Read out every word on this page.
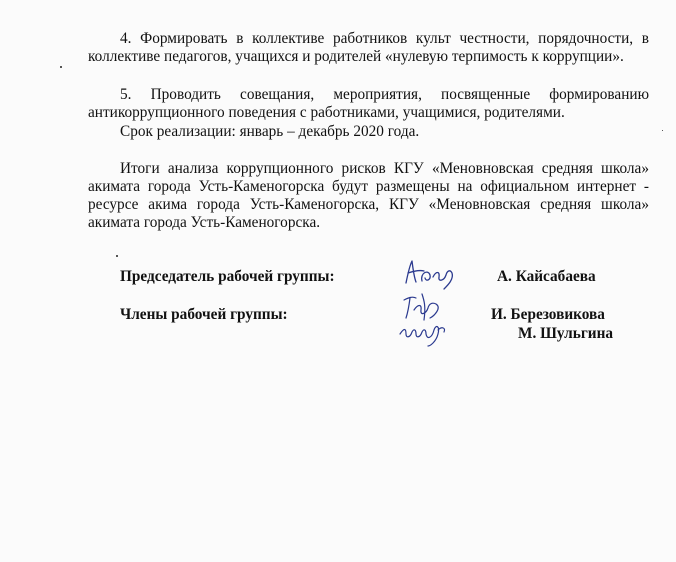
4. Формировать в коллективе работников культ честности, порядочности, в коллективе педагогов, учащихся и родителей «нулевую терпимость к коррупции».

5. Проводить совещания, мероприятия, посвященные формированию антикоррупционного поведения с работниками, учащимися, родителями.

Срок реализации: январь – декабрь 2020 года.

Итоги анализа коррупционного рисков КГУ «Меновновская средняя школа» акимата города Усть-Каменогорска будут размещены на официальном интернет - ресурсе акима города Усть-Каменогорска, КГУ «Меновновская средняя школа» акимата города Усть-Каменогорска.

Председатель рабочей группы:	А. Кайсабаева
Члены рабочей группы:	И. Березовикова
М. Шульгина
